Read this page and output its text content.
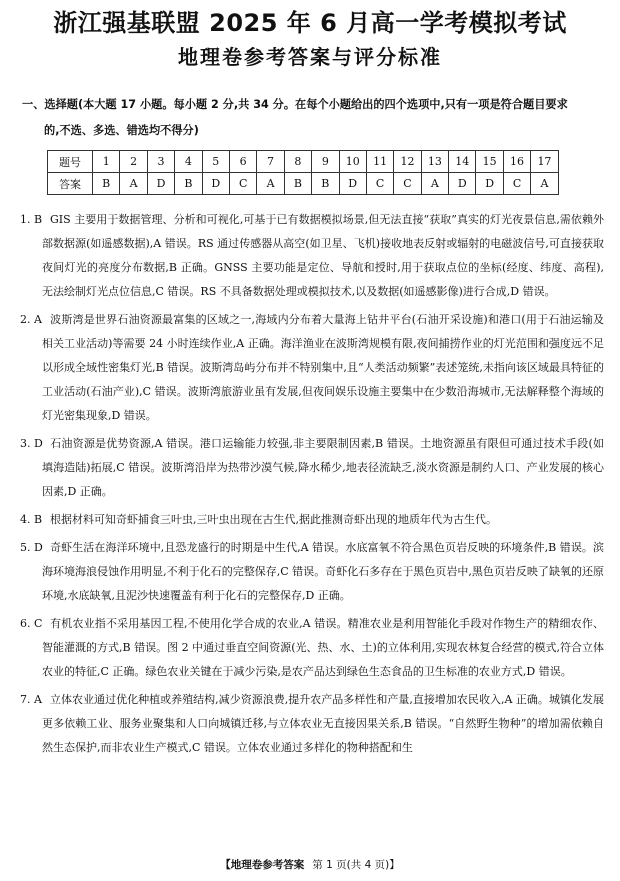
浙江强基联盟 2025 年 6 月高一学考模拟考试
地理卷参考答案与评分标准
一、选择题(本大题 17 小题。每小题 2 分,共 34 分。在每个小题给出的四个选项中,只有一项是符合题目要求
的,不选、多选、错选均不得分)
题号	1	2	3	4	5	6	7	8	9	10	11	12	13	14	15	16	17
答案	B	A	D	B	D	C	A	B	B	D	C	C	A	D	D	C	A
1. B GIS 主要用于数据管理、分析和可视化,可基于已有数据模拟场景,但无法直接“获取”真实的灯光夜景信息,需依赖外部数据源(如遥感数据),A 错误。RS 通过传感器从高空(如卫星、飞机)接收地表反射或辐射的电磁波信号,可直接获取夜间灯光的亮度分布数据,B 正确。GNSS 主要功能是定位、导航和授时,用于获取点位的坐标(经度、纬度、高程),无法绘制灯光点位信息,C 错误。RS 不具备数据处理或模拟技术,以及数据(如遥感影像)进行合成,D 错误。
2. A 波斯湾是世界石油资源最富集的区域之一,海域内分布着大量海上钻井平台(石油开采设施)和港口(用于石油运输及相关工业活动)等需要 24 小时连续作业,A 正确。海洋渔业在波斯湾规模有限,夜间捕捞作业的灯光范围和强度远不足以形成全域性密集灯光,B 错误。波斯湾岛屿分布并不特别集中,且“人类活动频繁”表述笼统,未指向该区域最具特征的工业活动(石油产业),C 错误。波斯湾旅游业虽有发展,但夜间娱乐设施主要集中在少数沿海城市,无法解释整个海域的灯光密集现象,D 错误。
3. D 石油资源是优势资源,A 错误。港口运输能力较强,非主要限制因素,B 错误。土地资源虽有限但可通过技术手段(如填海造陆)拓展,C 错误。波斯湾沿岸为热带沙漠气候,降水稀少,地表径流缺乏,淡水资源是制约人口、产业发展的核心因素,D 正确。
4. B 根据材料可知奇虾捕食三叶虫,三叶虫出现在古生代,据此推测奇虾出现的地质年代为古生代。
5. D 奇虾生活在海洋环境中,且恐龙盛行的时期是中生代,A 错误。水底富氧不符合黑色页岩反映的环境条件,B 错误。滨海环境海浪侵蚀作用明显,不利于化石的完整保存,C 错误。奇虾化石多存在于黑色页岩中,黑色页岩反映了缺氧的还原环境,水底缺氧,且泥沙快速覆盖有利于化石的完整保存,D 正确。
6. C 有机农业指不采用基因工程,不使用化学合成的农业,A 错误。精准农业是利用智能化手段对作物生产的精细农作、智能灌溉的方式,B 错误。图 2 中通过垂直空间资源(光、热、水、土)的立体利用,实现农林复合经营的模式,符合立体农业的特征,C 正确。绿色农业关键在于减少污染,是农产品达到绿色生态食品的卫生标准的农业方式,D 错误。
7. A 立体农业通过优化种植或养殖结构,减少资源浪费,提升农产品多样性和产量,直接增加农民收入,A 正确。城镇化发展更多依赖工业、服务业聚集和人口向城镇迁移,与立体农业无直接因果关系,B 错误。“自然野生物种”的增加需依赖自然生态保护,而非农业生产模式,C 错误。立体农业通过多样化的物种搭配和生
【地理卷参考答案 第 1 页(共 4 页)】
